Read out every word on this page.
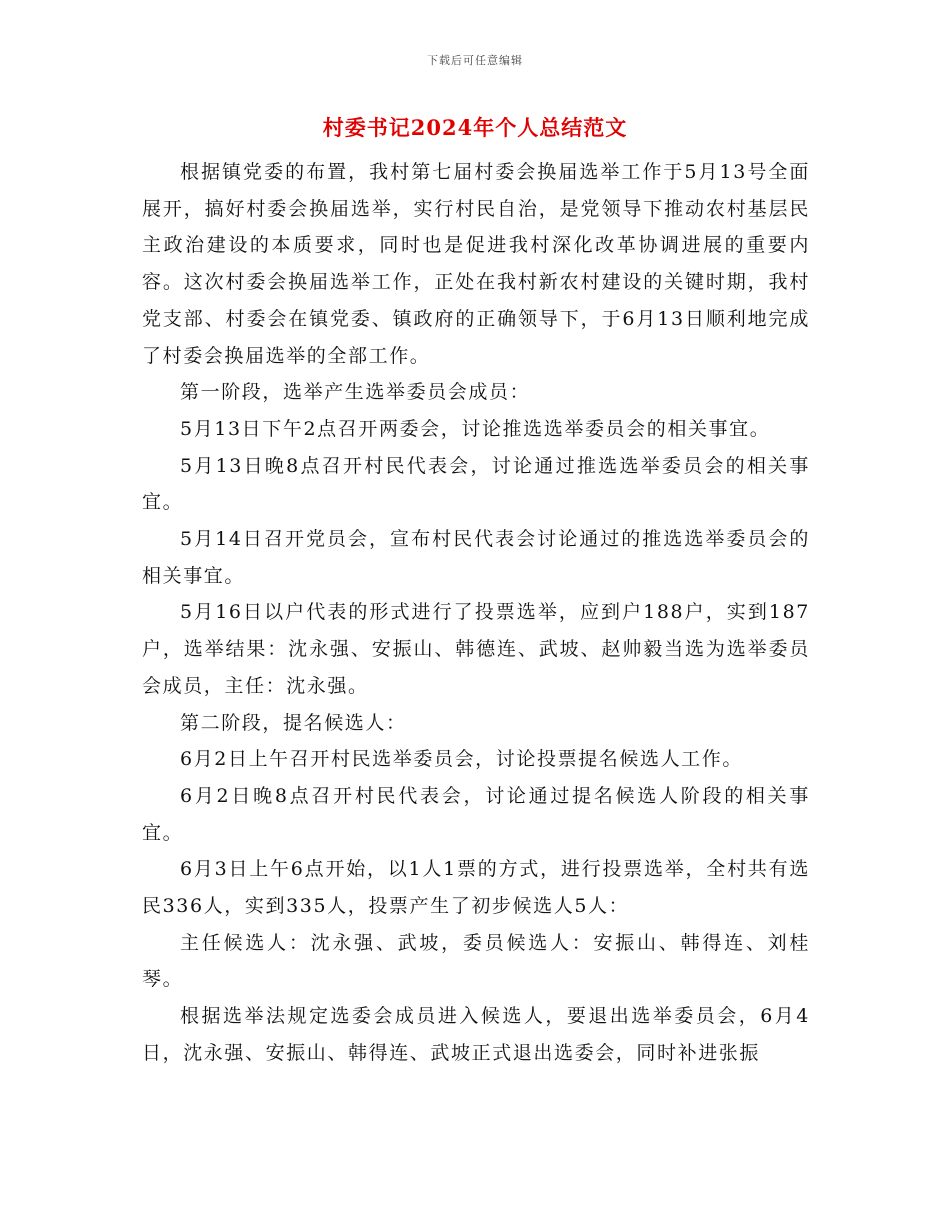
下载后可任意编辑
村委书记2024年个人总结范文

根据镇党委的布置，我村第七届村委会换届选举工作于5月13号全面展开，搞好村委会换届选举，实行村民自治，是党领导下推动农村基层民主政治建设的本质要求，同时也是促进我村深化改革协调进展的重要内容。这次村委会换届选举工作，正处在我村新农村建设的关键时期，我村党支部、村委会在镇党委、镇政府的正确领导下，于6月13日顺利地完成了村委会换届选举的全部工作。

第一阶段，选举产生选举委员会成员：

5月13日下午2点召开两委会，讨论推选选举委员会的相关事宜。

5月13日晚8点召开村民代表会，讨论通过推选选举委员会的相关事宜。

5月14日召开党员会，宣布村民代表会讨论通过的推选选举委员会的相关事宜。

5月16日以户代表的形式进行了投票选举，应到户188户，实到187户，选举结果：沈永强、安振山、韩德连、武坡、赵帅毅当选为选举委员会成员，主任：沈永强。

第二阶段，提名候选人：

6月2日上午召开村民选举委员会，讨论投票提名候选人工作。

6月2日晚8点召开村民代表会，讨论通过提名候选人阶段的相关事宜。

6月3日上午6点开始，以1人1票的方式，进行投票选举，全村共有选民336人，实到335人，投票产生了初步候选人5人：

主任候选人：沈永强、武坡，委员候选人：安振山、韩得连、刘桂琴。

根据选举法规定选委会成员进入候选人，要退出选举委员会，6月4日，沈永强、安振山、韩得连、武坡正式退出选委会，同时补进张振
